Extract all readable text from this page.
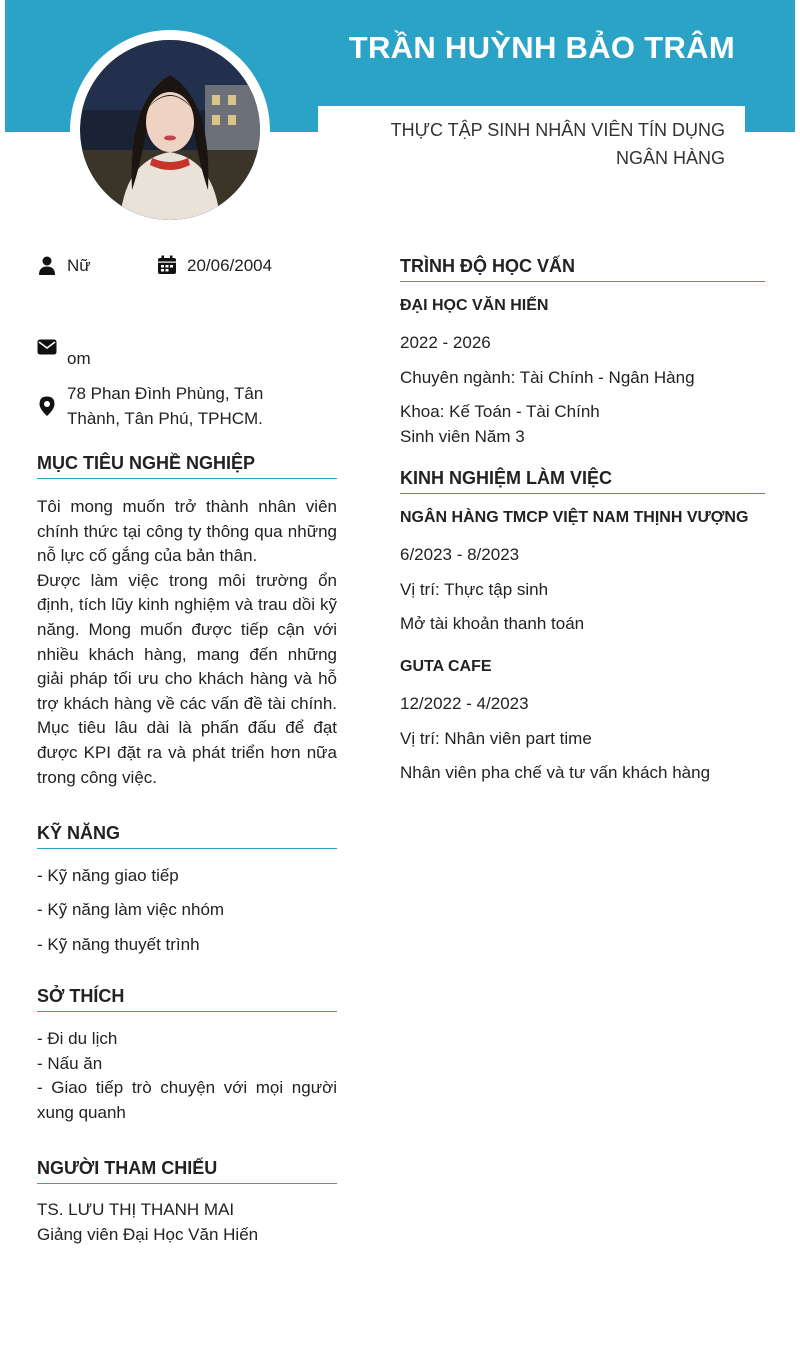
TRẦN HUỲNH BẢO TRÂM
THỰC TẬP SINH NHÂN VIÊN TÍN DỤNG
NGÂN HÀNG
Nữ	20/06/2004
om
78 Phan Đình Phùng, Tân
Thành, Tân Phú, TPHCM.
MỤC TIÊU NGHỀ NGHIỆP
Tôi mong muốn trở thành nhân viên chính thức tại công ty thông qua những nỗ lực cố gắng của bản thân.
Được làm việc trong môi trường ổn định, tích lũy kinh nghiệm và trau dồi kỹ năng. Mong muốn được tiếp cận với nhiều khách hàng, mang đến những giải pháp tối ưu cho khách hàng và hỗ trợ khách hàng về các vấn đề tài chính. Mục tiêu lâu dài là phấn đấu để đạt được KPI đặt ra và phát triển hơn nữa trong công việc.
KỸ NĂNG
- Kỹ năng giao tiếp
- Kỹ năng làm việc nhóm
- Kỹ năng thuyết trình
SỞ THÍCH
- Đi du lịch
- Nấu ăn
- Giao tiếp trò chuyện với mọi người xung quanh
NGƯỜI THAM CHIẾU
TS. LƯU THỊ THANH MAI
Giảng viên Đại Học Văn Hiến
TRÌNH ĐỘ HỌC VẤN
ĐẠI HỌC VĂN HIẾN
2022 - 2026
Chuyên ngành: Tài Chính - Ngân Hàng
Khoa: Kế Toán - Tài Chính
Sinh viên Năm 3
KINH NGHIỆM LÀM VIỆC
NGÂN HÀNG TMCP VIỆT NAM THỊNH VƯỢNG
6/2023 - 8/2023
Vị trí: Thực tập sinh
Mở tài khoản thanh toán
GUTA CAFE
12/2022 - 4/2023
Vị trí: Nhân viên part time
Nhân viên pha chế và tư vấn khách hàng
